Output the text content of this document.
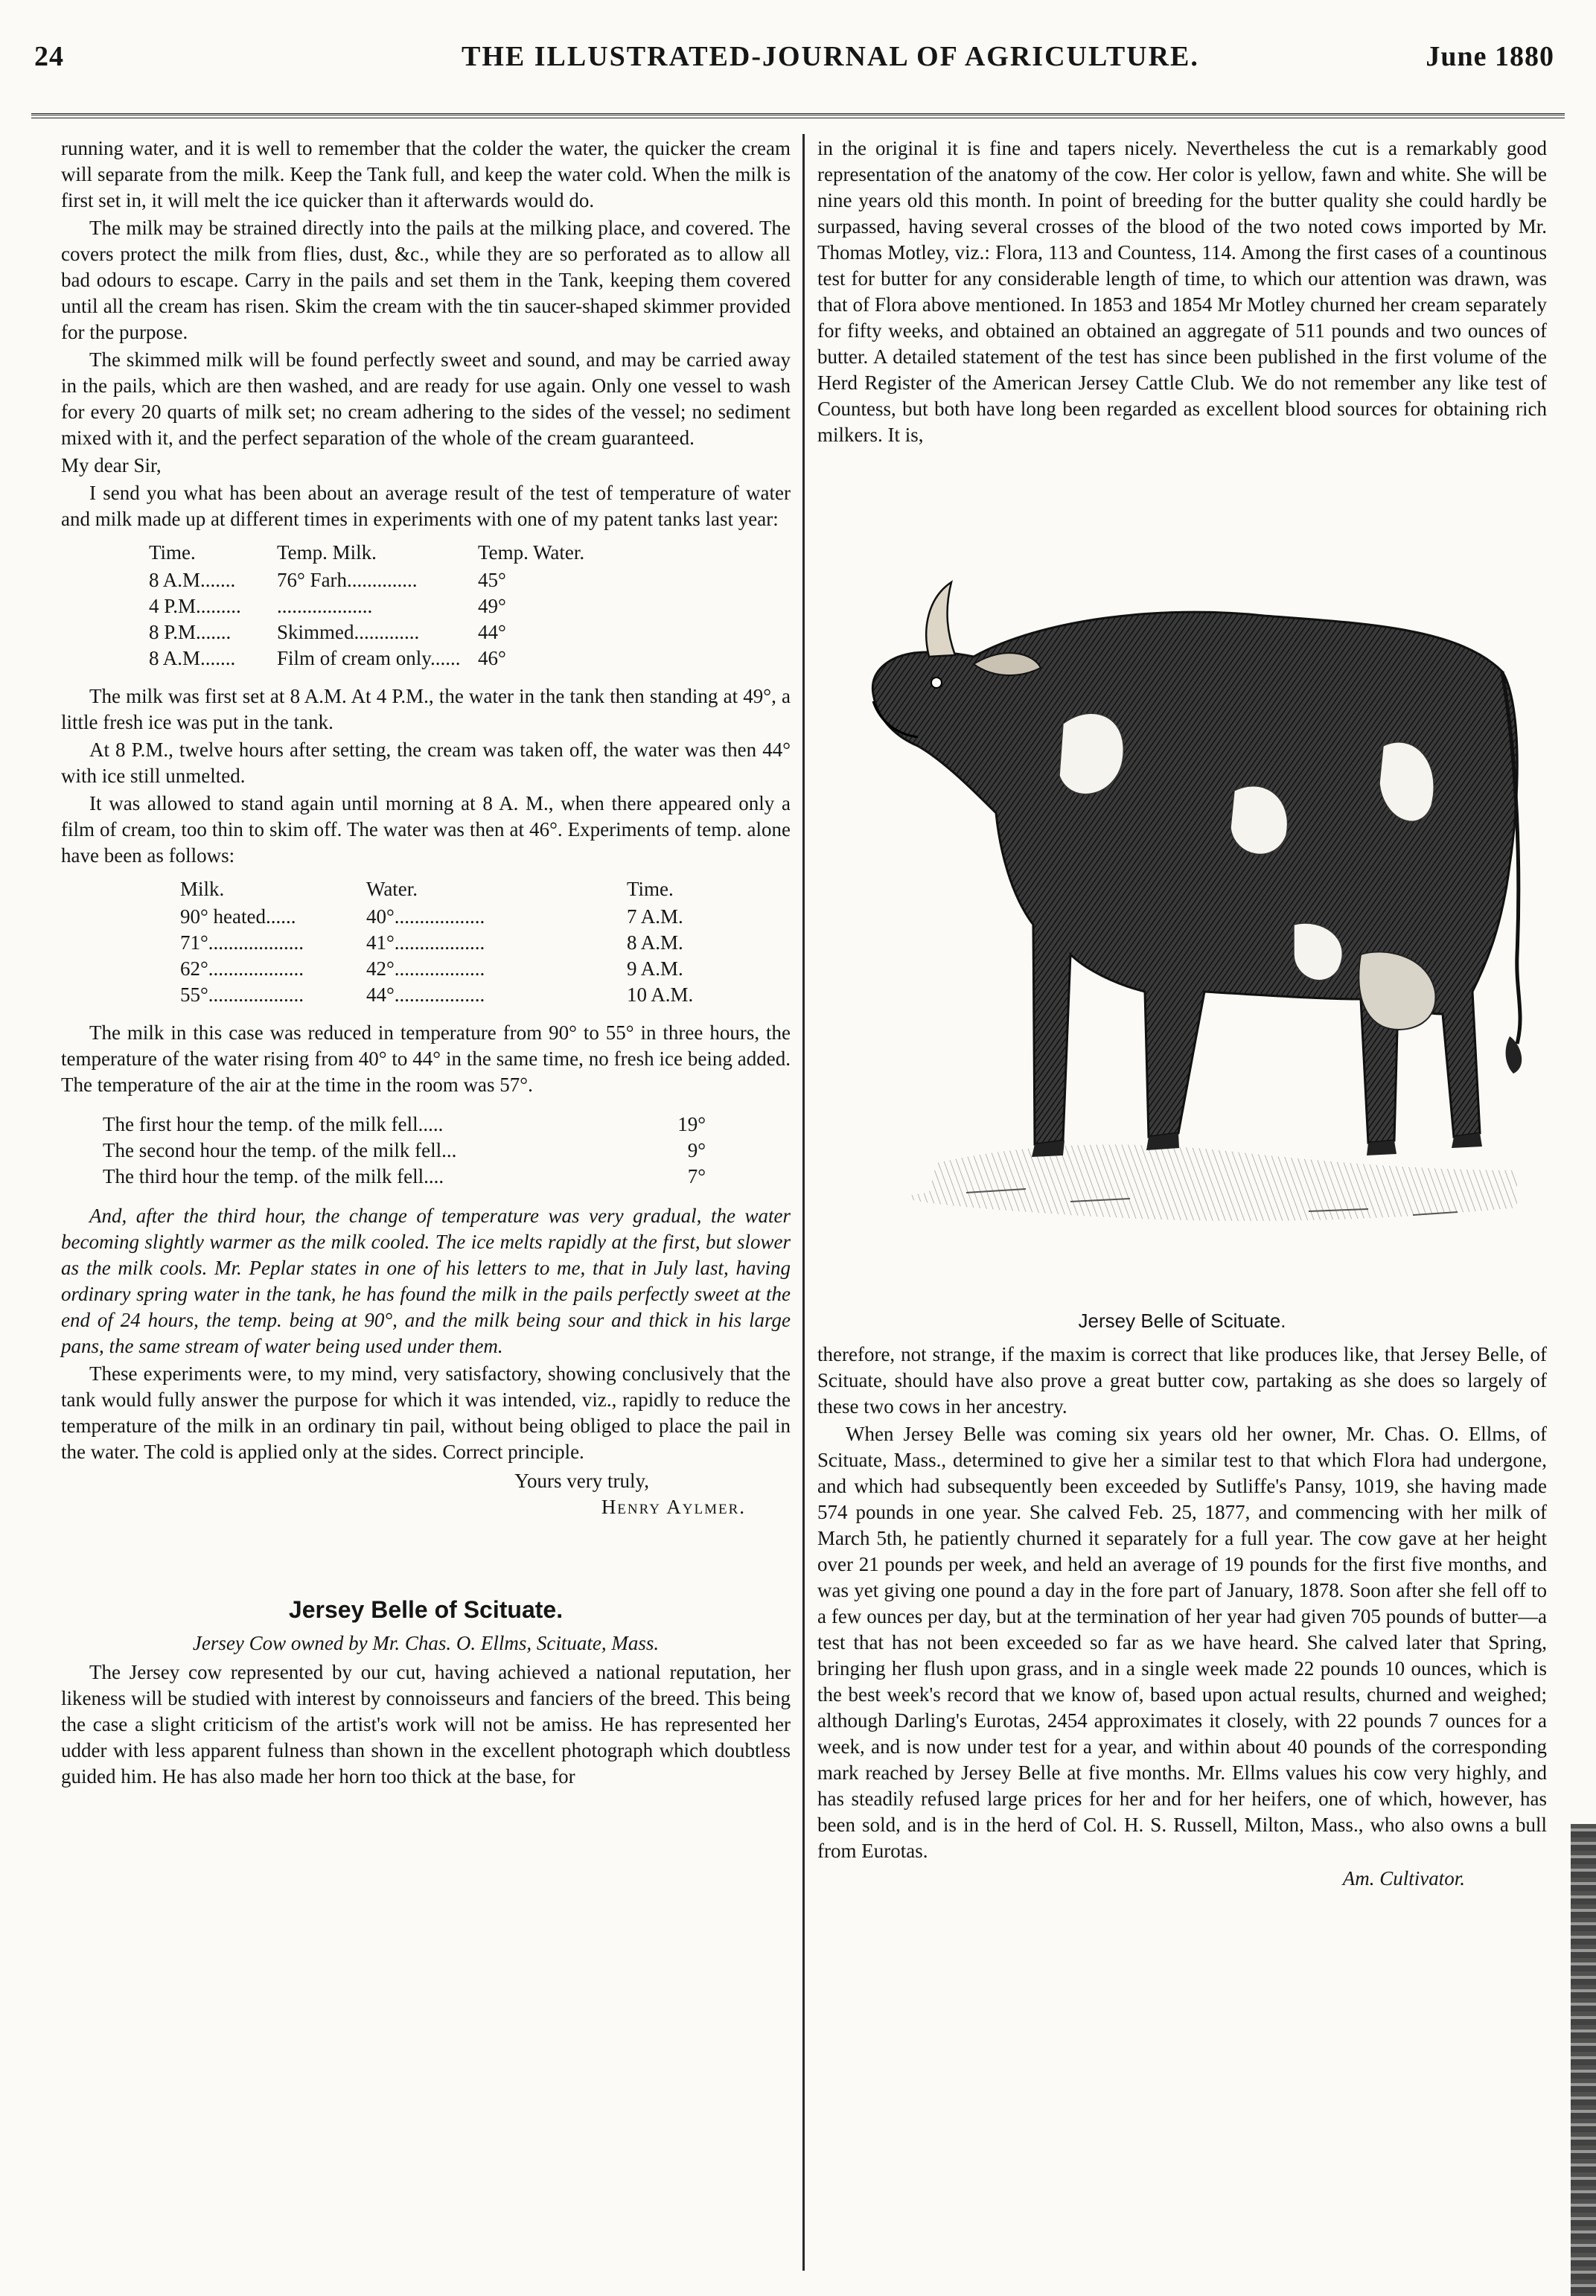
24	THE ILLUSTRATED-JOURNAL OF AGRICULTURE.	June 1880

running water, and it is well to remember that the colder the water, the quicker the cream will separate from the milk. Keep the Tank full, and keep the water cold. When the milk is first set in, it will melt the ice quicker than it afterwards would do.

The milk may be strained directly into the pails at the milking place, and covered. The covers protect the milk from flies, dust, &c., while they are so perforated as to allow all bad odours to escape. Carry in the pails and set them in the Tank, keeping them covered until all the cream has risen. Skim the cream with the tin saucer-shaped skimmer provided for the purpose.

The skimmed milk will be found perfectly sweet and sound, and may be carried away in the pails, which are then washed, and are ready for use again. Only one vessel to wash for every 20 quarts of milk set; no cream adhering to the sides of the vessel; no sediment mixed with it, and the perfect separation of the whole of the cream guaranteed.

My dear Sir,

I send you what has been about an average result of the test of temperature of water and milk made up at different times in experiments with one of my patent tanks last year:

Time.	Temp. Milk.	Temp. Water.
8 A.M.......	76° Farh..............	45°
4 P.M.........	...................	49°
8 P.M.......	Skimmed.............	44°
8 A.M.......	Film of cream only...... 46°

The milk was first set at 8 A.M. At 4 P.M., the water in the tank then standing at 49°, a little fresh ice was put in the tank.

At 8 P.M., twelve hours after setting, the cream was taken off, the water was then 44° with ice still unmelted.

It was allowed to stand again until morning at 8 A. M., when there appeared only a film of cream, too thin to skim off. The water was then at 46°. Experiments of temp. alone have been as follows:

Milk.	Water.	Time.
90° heated......	40°..................	7 A.M.
71°...................	41°..................	8 A.M.
62°...................	42°..................	9 A.M.
55°...................	44°..................	10 A.M.

The milk in this case was reduced in temperature from 90° to 55° in three hours, the temperature of the water rising from 40° to 44° in the same time, no fresh ice being added. The temperature of the air at the time in the room was 57°.

The first hour the temp. of the milk fell.....	19°
The second hour the temp. of the milk fell...	9°
The third hour the temp. of the milk fell....	7°

And, after the third hour, the change of temperature was very gradual, the water becoming slightly warmer as the milk cooled. The ice melts rapidly at the first, but slower as the milk cools. Mr. Peplar states in one of his letters to me, that in July last, having ordinary spring water in the tank, he has found the milk in the pails perfectly sweet at the end of 24 hours, the temp. being at 90°, and the milk being sour and thick in his large pans, the same stream of water being used under them.

These experiments were, to my mind, very satisfactory, showing conclusively that the tank would fully answer the purpose for which it was intended, viz., rapidly to reduce the temperature of the milk in an ordinary tin pail, without being obliged to place the pail in the water. The cold is applied only at the sides. Correct principle.

Yours very truly,
Henry Aylmer.
Jersey Belle of Scituate.
Jersey Cow owned by Mr. Chas. O. Ellms, Scituate, Mass.

The Jersey cow represented by our cut, having achieved a national reputation, her likeness will be studied with interest by connoisseurs and fanciers of the breed. This being the case a slight criticism of the artist's work will not be amiss. He has represented her udder with less apparent fulness than shown in the excellent photograph which doubtless guided him. He has also made her horn too thick at the base, for

in the original it is fine and tapers nicely. Nevertheless the cut is a remarkably good representation of the anatomy of the cow. Her color is yellow, fawn and white. She will be nine years old this month. In point of breeding for the butter quality she could hardly be surpassed, having several crosses of the blood of the two noted cows imported by Mr. Thomas Motley, viz.: Flora, 113 and Countess, 114. Among the first cases of a countinous test for butter for any considerable length of time, to which our attention was drawn, was that of Flora above mentioned. In 1853 and 1854 Mr Motley churned her cream separately for fifty weeks, and obtained an obtained an aggregate of 511 pounds and two ounces of butter. A detailed statement of the test has since been published in the first volume of the Herd Register of the American Jersey Cattle Club. We do not remember any like test of Countess, but both have long been regarded as excellent blood sources for obtaining rich milkers. It is,

Jersey Belle of Scituate.

therefore, not strange, if the maxim is correct that like produces like, that Jersey Belle, of Scituate, should have also prove a great butter cow, partaking as she does so largely of these two cows in her ancestry.

When Jersey Belle was coming six years old her owner, Mr. Chas. O. Ellms, of Scituate, Mass., determined to give her a similar test to that which Flora had undergone, and which had subsequently been exceeded by Sutliffe's Pansy, 1019, she having made 574 pounds in one year. She calved Feb. 25, 1877, and commencing with her milk of March 5th, he patiently churned it separately for a full year. The cow gave at her height over 21 pounds per week, and held an average of 19 pounds for the first five months, and was yet giving one pound a day in the fore part of January, 1878. Soon after she fell off to a few ounces per day, but at the termination of her year had given 705 pounds of butter—a test that has not been exceeded so far as we have heard. She calved later that Spring, bringing her flush upon grass, and in a single week made 22 pounds 10 ounces, which is the best week's record that we know of, based upon actual results, churned and weighed; although Darling's Eurotas, 2454 approximates it closely, with 22 pounds 7 ounces for a week, and is now under test for a year, and within about 40 pounds of the corresponding mark reached by Jersey Belle at five months. Mr. Ellms values his cow very highly, and has steadily refused large prices for her and for her heifers, one of which, however, has been sold, and is in the herd of Col. H. S. Russell, Milton, Mass., who also owns a bull from Eurotas.

Am. Cultivator.
